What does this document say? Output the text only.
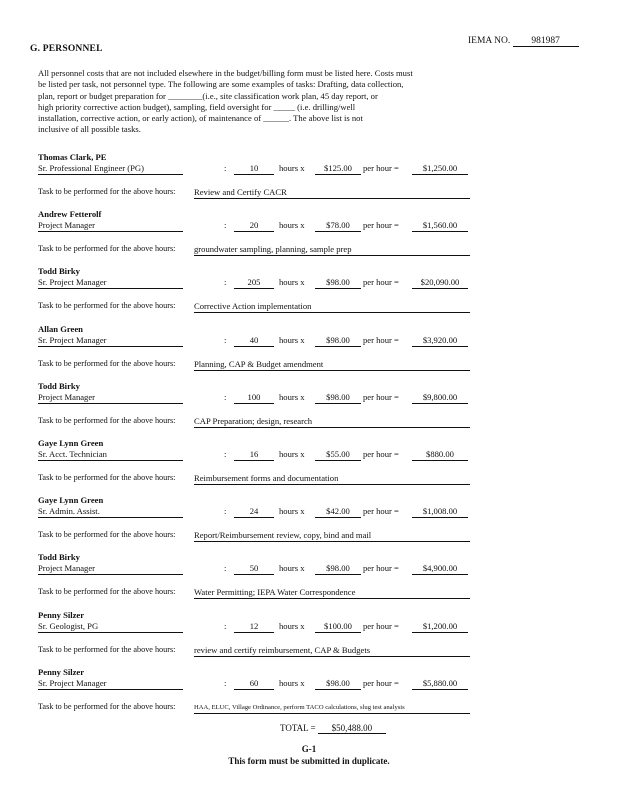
IEMA NO. 981987
G. PERSONNEL
All personnel costs that are not included elsewhere in the budget/billing form must be listed here. Costs must
be listed per task, not personnel type. The following are some examples of tasks: Drafting, data collection,
plan, report or budget preparation for ________(i.e., site classification work plan, 45 day report, or
high priority corrective action budget), sampling, field oversight for _____ (i.e. drilling/well
installation, corrective action, or early action), of maintenance of ______. The above list is not
inclusive of all possible tasks.
Thomas Clark, PE
Sr. Professional Engineer (PG)	:	10	hours x	$125.00	per hour =	$1,250.00
Task to be performed for the above hours: Review and Certify CACR
Andrew Fetterolf
Project Manager	:	20	hours x	$78.00	per hour =	$1,560.00
Task to be performed for the above hours: groundwater sampling, planning, sample prep
Todd Birky
Sr. Project Manager	:	205	hours x	$98.00	per hour =	$20,090.00
Task to be performed for the above hours: Corrective Action implementation
Allan Green
Sr. Project Manager	:	40	hours x	$98.00	per hour =	$3,920.00
Task to be performed for the above hours: Planning, CAP & Budget amendment
Todd Birky
Project Manager	:	100	hours x	$98.00	per hour =	$9,800.00
Task to be performed for the above hours: CAP Preparation; design, research
Gaye Lynn Green
Sr. Acct. Technician	:	16	hours x	$55.00	per hour =	$880.00
Task to be performed for the above hours: Reimbursement forms and documentation
Gaye Lynn Green
Sr. Admin. Assist.	:	24	hours x	$42.00	per hour =	$1,008.00
Task to be performed for the above hours: Report/Reimbursement review, copy, bind and mail
Todd Birky
Project Manager	:	50	hours x	$98.00	per hour =	$4,900.00
Task to be performed for the above hours: Water Permitting; IEPA Water Correspondence
Penny Silzer
Sr. Geologist, PG	:	12	hours x	$100.00	per hour =	$1,200.00
Task to be performed for the above hours: review and certify reimbursement, CAP & Budgets
Penny Silzer
Sr. Project Manager	:	60	hours x	$98.00	per hour =	$5,880.00
Task to be performed for the above hours:	HAA, ELUC, Village Ordinance, perform TACO calculations, slug test analysis
TOTAL = $50,488.00
G-1
This form must be submitted in duplicate.
